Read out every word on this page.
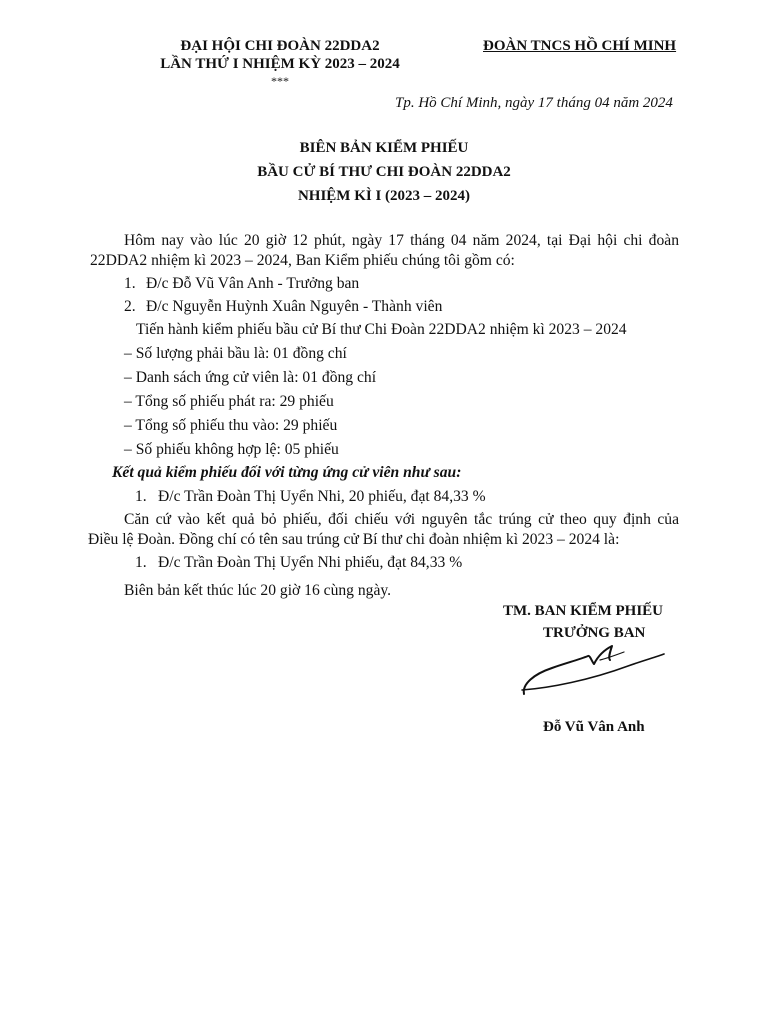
ĐẠI HỘI CHI ĐOÀN 22DDA2
LẦN THỨ I NHIỆM KỲ 2023 – 2024
***
ĐOÀN TNCS HỒ CHÍ MINH
Tp. Hồ Chí Minh, ngày 17 tháng 04 năm 2024
BIÊN BẢN KIỂM PHIẾU
BẦU CỬ BÍ THƯ CHI ĐOÀN 22DDA2
NHIỆM KÌ I (2023 – 2024)
Hôm nay vào lúc 20 giờ 12 phút, ngày 17 tháng 04 năm 2024, tại Đại hội chi đoàn
22DDA2 nhiệm kì 2023 – 2024, Ban Kiểm phiếu chúng tôi gồm có:
1. Đ/c Đỗ Vũ Vân Anh - Trưởng ban
2. Đ/c Nguyễn Huỳnh Xuân Nguyên - Thành viên
Tiến hành kiểm phiếu bầu cử Bí thư Chi Đoàn 22DDA2 nhiệm kì 2023 – 2024
– Số lượng phải bầu là: 01 đồng chí
– Danh sách ứng cử viên là: 01 đồng chí
– Tổng số phiếu phát ra: 29 phiếu
– Tổng số phiếu thu vào: 29 phiếu
– Số phiếu không hợp lệ: 05 phiếu
Kết quả kiểm phiếu đối với từng ứng cử viên như sau:
1. Đ/c Trần Đoàn Thị Uyển Nhi, 20 phiếu, đạt 84,33 %
Căn cứ vào kết quả bỏ phiếu, đối chiếu với nguyên tắc trúng cử theo quy định của
Điều lệ Đoàn. Đồng chí có tên sau trúng cử Bí thư chi đoàn nhiệm kì 2023 – 2024 là:
1. Đ/c Trần Đoàn Thị Uyển Nhi phiếu, đạt 84,33 %
Biên bản kết thúc lúc 20 giờ 16 cùng ngày.
TM. BAN KIỂM PHIẾU
TRƯỞNG BAN
Đỗ Vũ Vân Anh
